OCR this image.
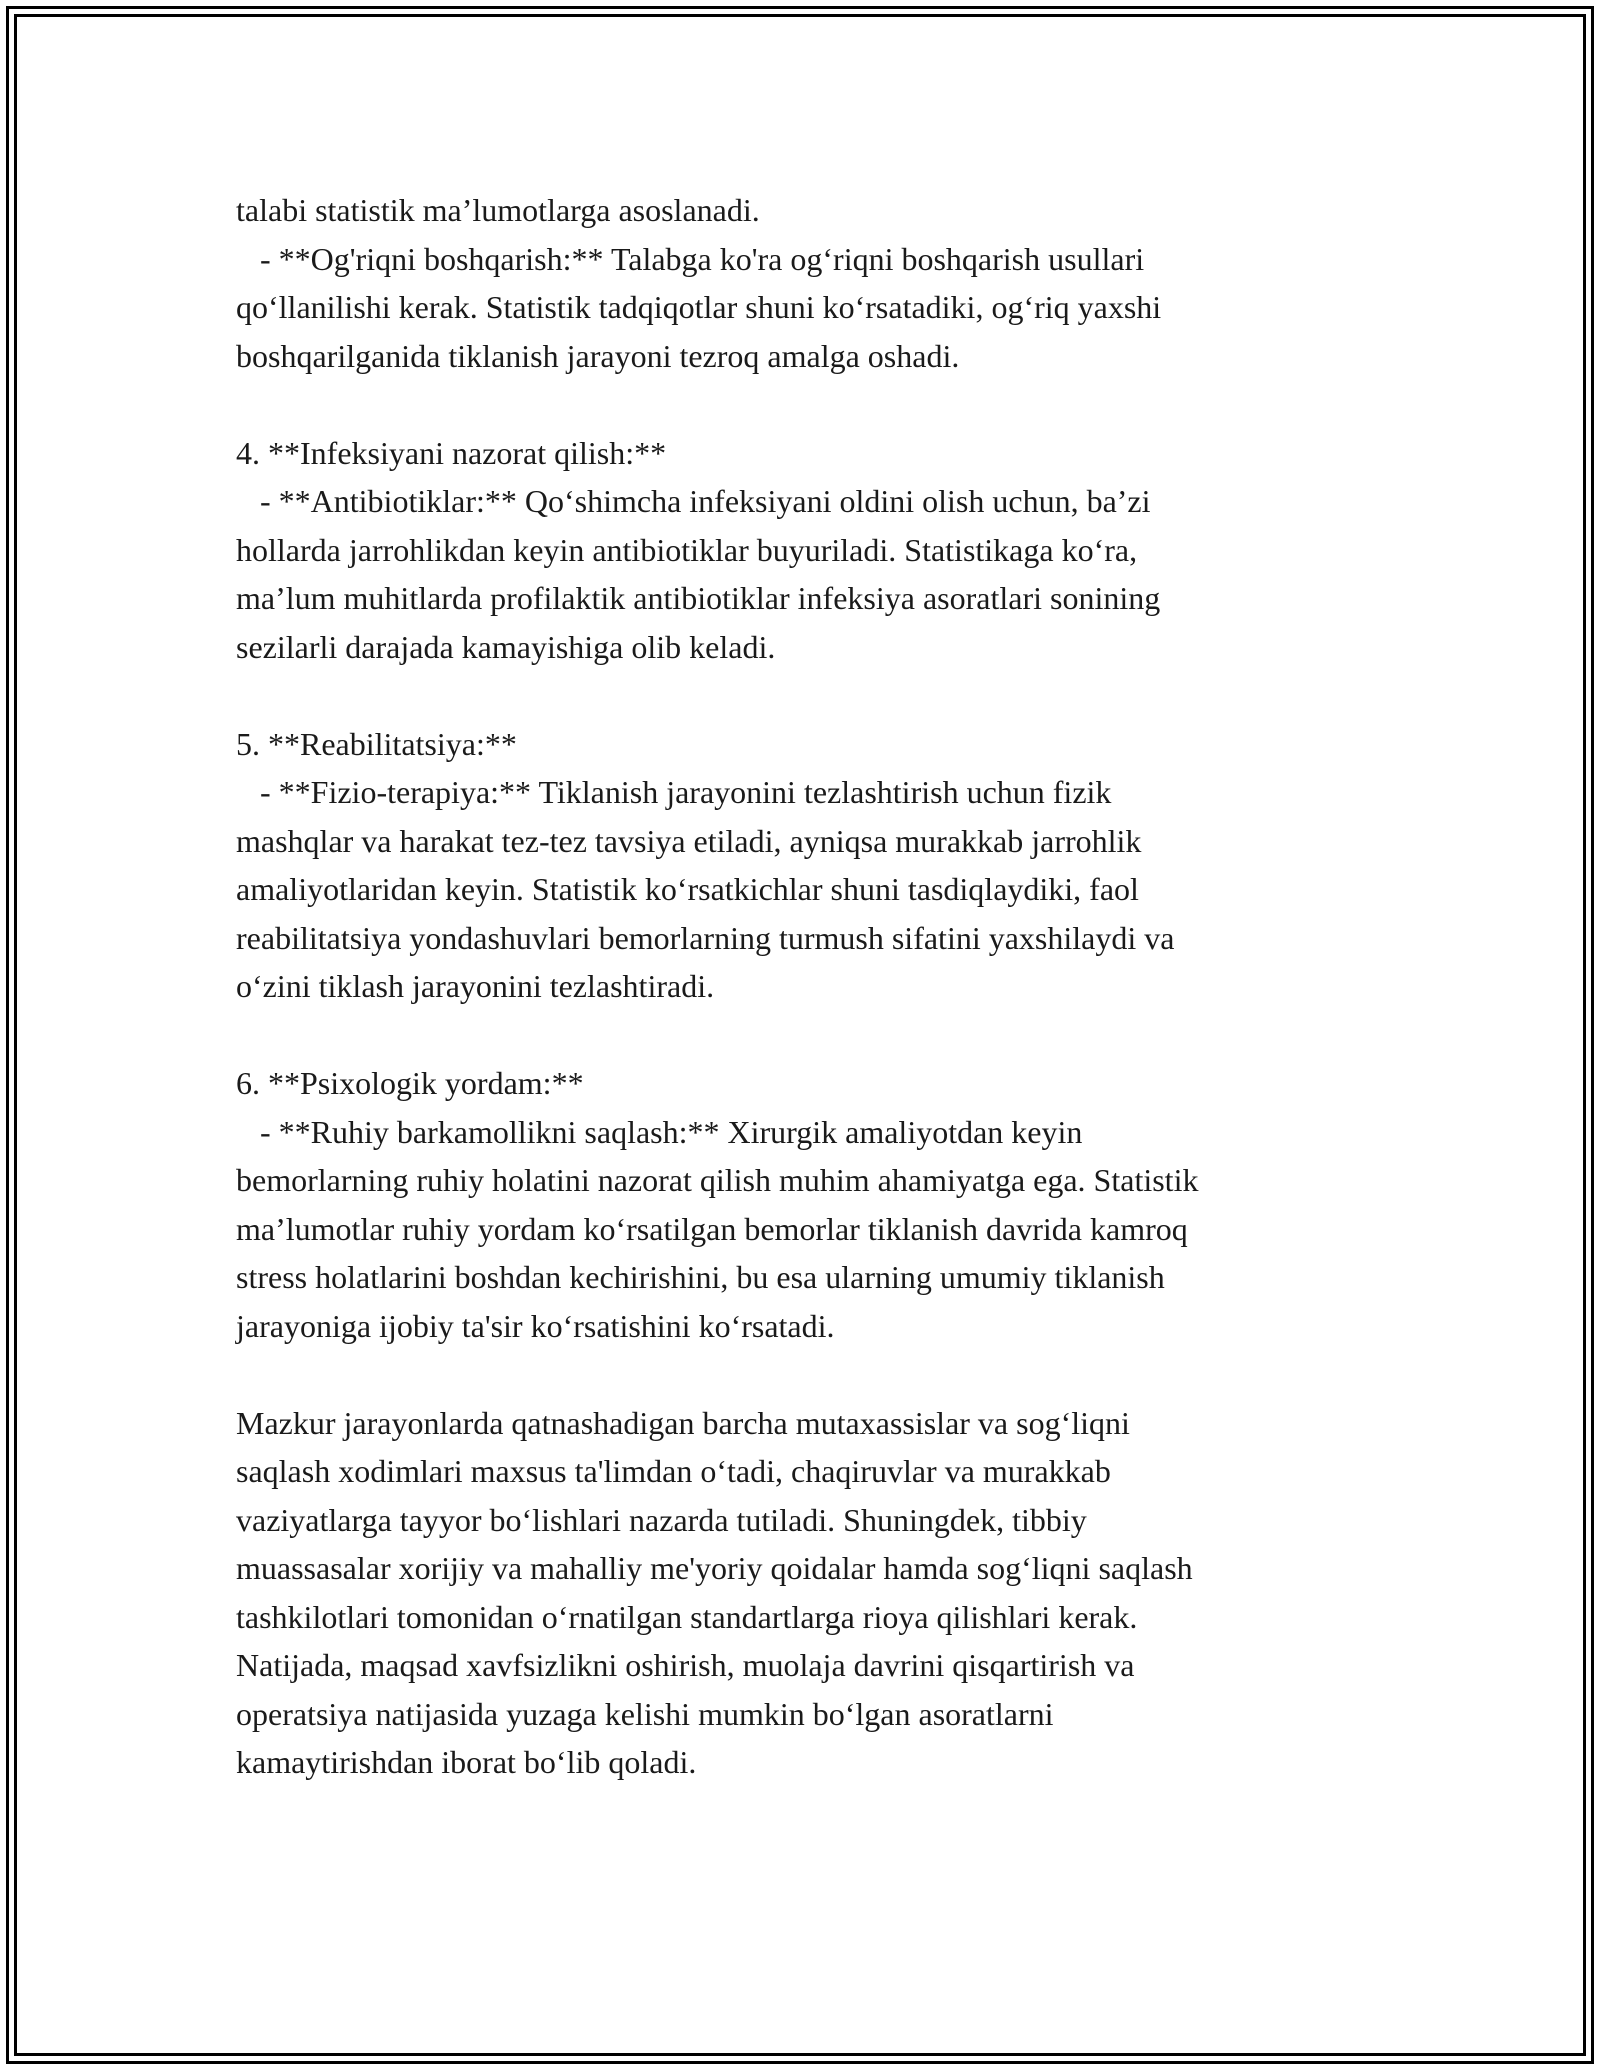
talabi statistik ma’lumotlarga asoslanadi.
- **Og'riqni boshqarish:** Talabga ko'ra og‘riqni boshqarish usullari
qo‘llanilishi kerak. Statistik tadqiqotlar shuni ko‘rsatadiki, og‘riq yaxshi
boshqarilganida tiklanish jarayoni tezroq amalga oshadi.
4. **Infeksiyani nazorat qilish:**
- **Antibiotiklar:** Qo‘shimcha infeksiyani oldini olish uchun, ba’zi
hollarda jarrohlikdan keyin antibiotiklar buyuriladi. Statistikaga ko‘ra,
ma’lum muhitlarda profilaktik antibiotiklar infeksiya asoratlari sonining
sezilarli darajada kamayishiga olib keladi.
5. **Reabilitatsiya:**
- **Fizio-terapiya:** Tiklanish jarayonini tezlashtirish uchun fizik
mashqlar va harakat tez-tez tavsiya etiladi, ayniqsa murakkab jarrohlik
amaliyotlaridan keyin. Statistik ko‘rsatkichlar shuni tasdiqlaydiki, faol
reabilitatsiya yondashuvlari bemorlarning turmush sifatini yaxshilaydi va
o‘zini tiklash jarayonini tezlashtiradi.
6. **Psixologik yordam:**
- **Ruhiy barkamollikni saqlash:** Xirurgik amaliyotdan keyin
bemorlarning ruhiy holatini nazorat qilish muhim ahamiyatga ega. Statistik
ma’lumotlar ruhiy yordam ko‘rsatilgan bemorlar tiklanish davrida kamroq
stress holatlarini boshdan kechirishini, bu esa ularning umumiy tiklanish
jarayoniga ijobiy ta'sir ko‘rsatishini ko‘rsatadi.
Mazkur jarayonlarda qatnashadigan barcha mutaxassislar va sog‘liqni
saqlash xodimlari maxsus ta'limdan o‘tadi, chaqiruvlar va murakkab
vaziyatlarga tayyor bo‘lishlari nazarda tutiladi. Shuningdek, tibbiy
muassasalar xorijiy va mahalliy me'yoriy qoidalar hamda sog‘liqni saqlash
tashkilotlari tomonidan o‘rnatilgan standartlarga rioya qilishlari kerak.
Natijada, maqsad xavfsizlikni oshirish, muolaja davrini qisqartirish va
operatsiya natijasida yuzaga kelishi mumkin bo‘lgan asoratlarni
kamaytirishdan iborat bo‘lib qoladi.
